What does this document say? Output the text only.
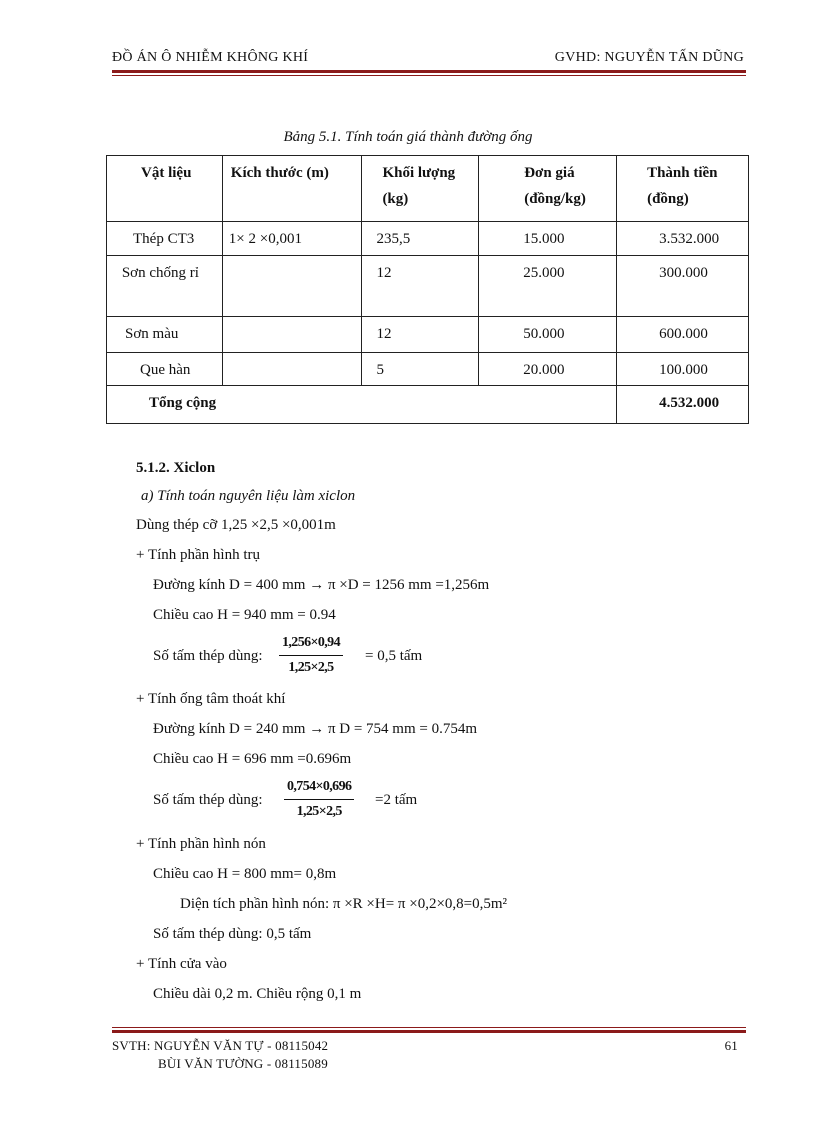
ĐỒ ÁN Ô NHIỄM KHÔNG KHÍ	GVHD: NGUYỄN TẤN DŨNG
Bảng 5.1. Tính toán giá thành đường ống
Vật liệu	Kích thước (m)	Khối lượng (kg)	Đơn giá (đồng/kg)	Thành tiền (đồng)
Thép CT3	1× 2 ×0,001	235,5	15.000	3.532.000
Sơn chống rỉ		12	25.000	300.000
Sơn màu		12	50.000	600.000
Que hàn		5	20.000	100.000
Tổng cộng				4.532.000
5.1.2. Xiclon
a) Tính toán nguyên liệu làm xiclon
Dùng thép cỡ 1,25 ×2,5 ×0,001m
+ Tính phần hình trụ
Đường kính D = 400 mm → π ×D = 1256 mm =1,256m
Chiều cao H = 940 mm = 0.94
Số tấm thép dùng: $\frac{1,256\times 0,94}{1,25\times 2,5} = 0,5$ tấm
+ Tính ống tâm thoát khí
Đường kính D = 240 mm → π D = 754 mm = 0.754m
Chiều cao H = 696 mm =0.696m
Số tấm thép dùng: $\frac{0,754\times 0,696}{1,25\times 2,5} =2$ tấm
+ Tính phần hình nón
Chiều cao H = 800 mm= 0,8m
Diện tích phần hình nón: π ×R ×H= π ×0,2×0,8=0,5m²
Số tấm thép dùng: 0,5 tấm
+ Tính cửa vào
Chiều dài 0,2 m. Chiều rộng 0,1 m
SVTH: NGUYỄN VĂN TỰ - 08115042
BÙI VĂN TƯỜNG - 08115089
61
